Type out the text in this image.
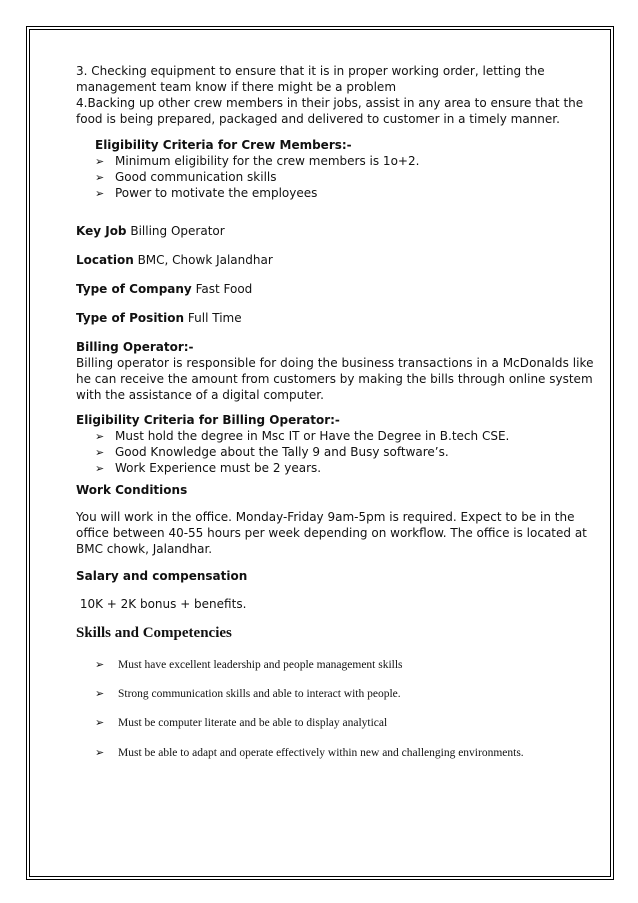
3. Checking equipment to ensure that it is in proper working order, letting the
management team know if there might be a problem
4.Backing up other crew members in their jobs, assist in any area to ensure that the
food is being prepared, packaged and delivered to customer in a timely manner.
Eligibility Criteria for Crew Members:-
➢ Minimum eligibility for the crew members is 1o+2.
➢ Good communication skills
➢ Power to motivate the employees
Key Job Billing Operator
Location BMC, Chowk Jalandhar
Type of Company Fast Food
Type of Position Full Time
Billing Operator:-
Billing operator is responsible for doing the business transactions in a McDonalds like
he can receive the amount from customers by making the bills through online system
with the assistance of a digital computer.
Eligibility Criteria for Billing Operator:-
➢ Must hold the degree in Msc IT or Have the Degree in B.tech CSE.
➢ Good Knowledge about the Tally 9 and Busy software’s.
➢ Work Experience must be 2 years.
Work Conditions
You will work in the office. Monday-Friday 9am-5pm is required. Expect to be in the
office between 40-55 hours per week depending on workflow. The office is located at
BMC chowk, Jalandhar.
Salary and compensation
10K + 2K bonus + benefits.
Skills and Competencies
➢ Must have excellent leadership and people management skills
➢ Strong communication skills and able to interact with people.
➢ Must be computer literate and be able to display analytical
➢ Must be able to adapt and operate effectively within new and challenging environments.
